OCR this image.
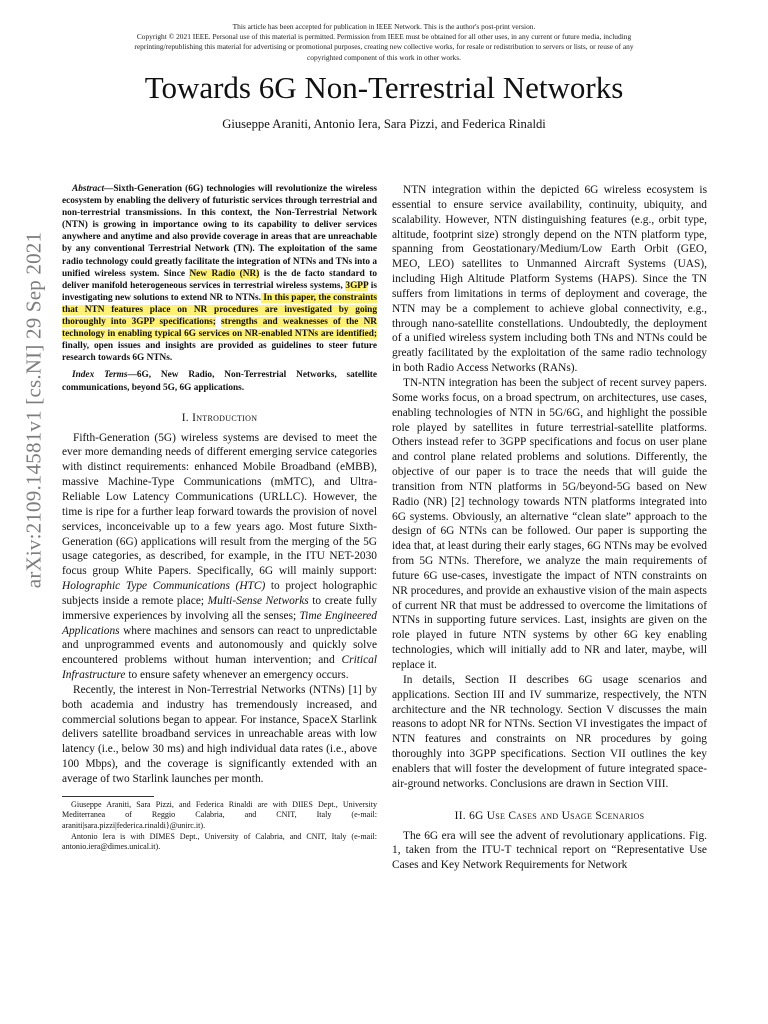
This article has been accepted for publication in IEEE Network. This is the author's post-print version.
Copyright © 2021 IEEE. Personal use of this material is permitted. Permission from IEEE must be obtained for all other uses, in any current or future media, including
reprinting/republishing this material for advertising or promotional purposes, creating new collective works, for resale or redistribution to servers or lists, or reuse of any
copyrighted component of this work in other works.
Towards 6G Non-Terrestrial Networks
Giuseppe Araniti, Antonio Iera, Sara Pizzi, and Federica Rinaldi
arXiv:2109.14581v1 [cs.NI] 29 Sep 2021

Abstract—Sixth-Generation (6G) technologies will revolutionize the wireless ecosystem by enabling the delivery of futuristic services through terrestrial and non-terrestrial transmissions. In this context, the Non-Terrestrial Network (NTN) is growing in importance owing to its capability to deliver services anywhere and anytime and also provide coverage in areas that are unreachable by any conventional Terrestrial Network (TN). The exploitation of the same radio technology could greatly facilitate the integration of NTNs and TNs into a unified wireless system. Since New Radio (NR) is the de facto standard to deliver manifold heterogeneous services in terrestrial wireless systems, 3GPP is investigating new solutions to extend NR to NTNs. In this paper, the constraints that NTN features place on NR procedures are investigated by going thoroughly into 3GPP specifications; strengths and weaknesses of the NR technology in enabling typical 6G services on NR-enabled NTNs are identified; finally, open issues and insights are provided as guidelines to steer future research towards 6G NTNs.

Index Terms—6G, New Radio, Non-Terrestrial Networks, satellite communications, beyond 5G, 6G applications.

I. Introduction

Fifth-Generation (5G) wireless systems are devised to meet the ever more demanding needs of different emerging service categories with distinct requirements: enhanced Mobile Broadband (eMBB), massive Machine-Type Communications (mMTC), and Ultra-Reliable Low Latency Communications (URLLC). However, the time is ripe for a further leap forward towards the provision of novel services, inconceivable up to a few years ago. Most future Sixth-Generation (6G) applications will result from the merging of the 5G usage categories, as described, for example, in the ITU NET-2030 focus group White Papers. Specifically, 6G will mainly support: Holographic Type Communications (HTC) to project holographic subjects inside a remote place; Multi-Sense Networks to create fully immersive experiences by involving all the senses; Time Engineered Applications where machines and sensors can react to unpredictable and unprogrammed events and autonomously and quickly solve encountered problems without human intervention; and Critical Infrastructure to ensure safety whenever an emergency occurs.

Recently, the interest in Non-Terrestrial Networks (NTNs) [1] by both academia and industry has tremendously increased, and commercial solutions began to appear. For instance, SpaceX Starlink delivers satellite broadband services in unreachable areas with low latency (i.e., below 30 ms) and high individual data rates (i.e., above 100 Mbps), and the coverage is significantly extended with an average of two Starlink launches per month.

Giuseppe Araniti, Sara Pizzi, and Federica Rinaldi are with DIIES Dept., University Mediterranea of Reggio Calabria, and CNIT, Italy (e-mail: araniti|sara.pizzi|federica.rinaldi}@unirc.it).

Antonio Iera is with DIMES Dept., University of Calabria, and CNIT, Italy (e-mail: antonio.iera@dimes.unical.it).

NTN integration within the depicted 6G wireless ecosystem is essential to ensure service availability, continuity, ubiquity, and scalability. However, NTN distinguishing features (e.g., orbit type, altitude, footprint size) strongly depend on the NTN platform type, spanning from Geostationary/Medium/Low Earth Orbit (GEO, MEO, LEO) satellites to Unmanned Aircraft Systems (UAS), including High Altitude Platform Systems (HAPS). Since the TN suffers from limitations in terms of deployment and coverage, the NTN may be a complement to achieve global connectivity, e.g., through nano-satellite constellations. Undoubtedly, the deployment of a unified wireless system including both TNs and NTNs could be greatly facilitated by the exploitation of the same radio technology in both Radio Access Networks (RANs).

TN-NTN integration has been the subject of recent survey papers. Some works focus, on a broad spectrum, on architectures, use cases, enabling technologies of NTN in 5G/6G, and highlight the possible role played by satellites in future terrestrial-satellite platforms. Others instead refer to 3GPP specifications and focus on user plane and control plane related problems and solutions. Differently, the objective of our paper is to trace the needs that will guide the transition from NTN platforms in 5G/beyond-5G based on New Radio (NR) [2] technology towards NTN platforms integrated into 6G systems. Obviously, an alternative “clean slate” approach to the design of 6G NTNs can be followed. Our paper is supporting the idea that, at least during their early stages, 6G NTNs may be evolved from 5G NTNs. Therefore, we analyze the main requirements of future 6G use-cases, investigate the impact of NTN constraints on NR procedures, and provide an exhaustive vision of the main aspects of current NR that must be addressed to overcome the limitations of NTNs in supporting future services. Last, insights are given on the role played in future NTN systems by other 6G key enabling technologies, which will initially add to NR and later, maybe, will replace it.

In details, Section II describes 6G usage scenarios and applications. Section III and IV summarize, respectively, the NTN architecture and the NR technology. Section V discusses the main reasons to adopt NR for NTNs. Section VI investigates the impact of NTN features and constraints on NR procedures by going thoroughly into 3GPP specifications. Section VII outlines the key enablers that will foster the development of future integrated space-air-ground networks. Conclusions are drawn in Section VIII.

II. 6G Use Cases and Usage Scenarios

The 6G era will see the advent of revolutionary applications. Fig. 1, taken from the ITU-T technical report on “Representative Use Cases and Key Network Requirements for Network
